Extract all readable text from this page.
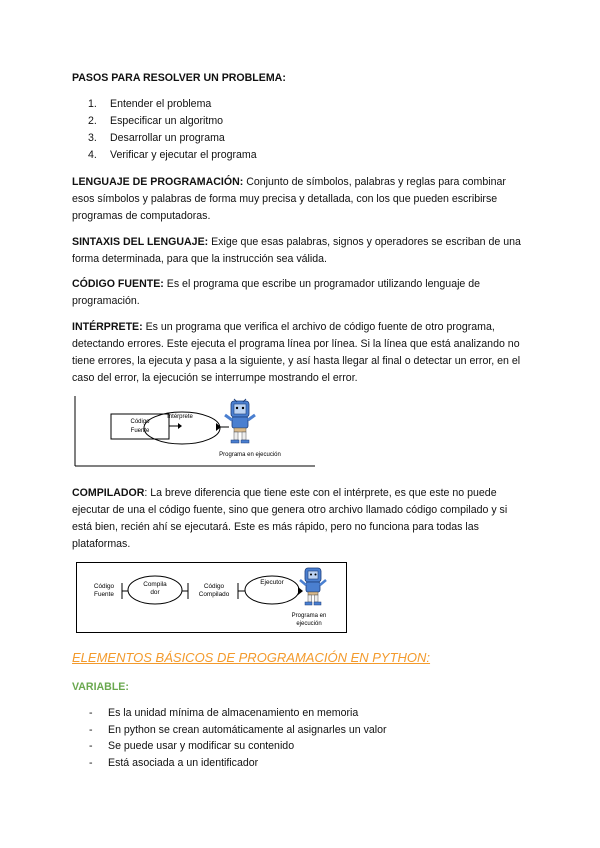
PASOS PARA RESOLVER UN PROBLEMA:

1. Entender el problema
2. Especificar un algoritmo
3. Desarrollar un programa
4. Verificar y ejecutar el programa

LENGUAJE DE PROGRAMACIÓN: Conjunto de símbolos, palabras y reglas para combinar esos símbolos y palabras de forma muy precisa y detallada, con los que pueden escribirse programas de computadoras.

SINTAXIS DEL LENGUAJE: Exige que esas palabras, signos y operadores se escriban de una forma determinada, para que la instrucción sea válida.

CÓDIGO FUENTE: Es el programa que escribe un programador utilizando lenguaje de programación.

INTÉRPRETE: Es un programa que verifica el archivo de código fuente de otro programa, detectando errores. Este ejecuta el programa línea por línea. Si la línea que está analizando no tiene errores, la ejecuta y pasa a la siguiente, y así hasta llegar al final o detectar un error, en el caso del error, la ejecución se interrumpe mostrando el error.

Código
Fuente
Intérprete
Programa en ejecución

COMPILADOR: La breve diferencia que tiene este con el intérprete, es que este no puede ejecutar de una el código fuente, sino que genera otro archivo llamado código compilado y si está bien, recién ahí se ejecutará. Este es más rápido, pero no funciona para todas las plataformas.

Código
Fuente
Compila
dor
Código
Compilado
Ejecutor
Programa en
ejecución
ELEMENTOS BÁSICOS DE PROGRAMACIÓN EN PYTHON:
VARIABLE:
- Es la unidad mínima de almacenamiento en memoria
- En python se crean automáticamente al asignarles un valor
- Se puede usar y modificar su contenido
- Está asociada a un identificador
